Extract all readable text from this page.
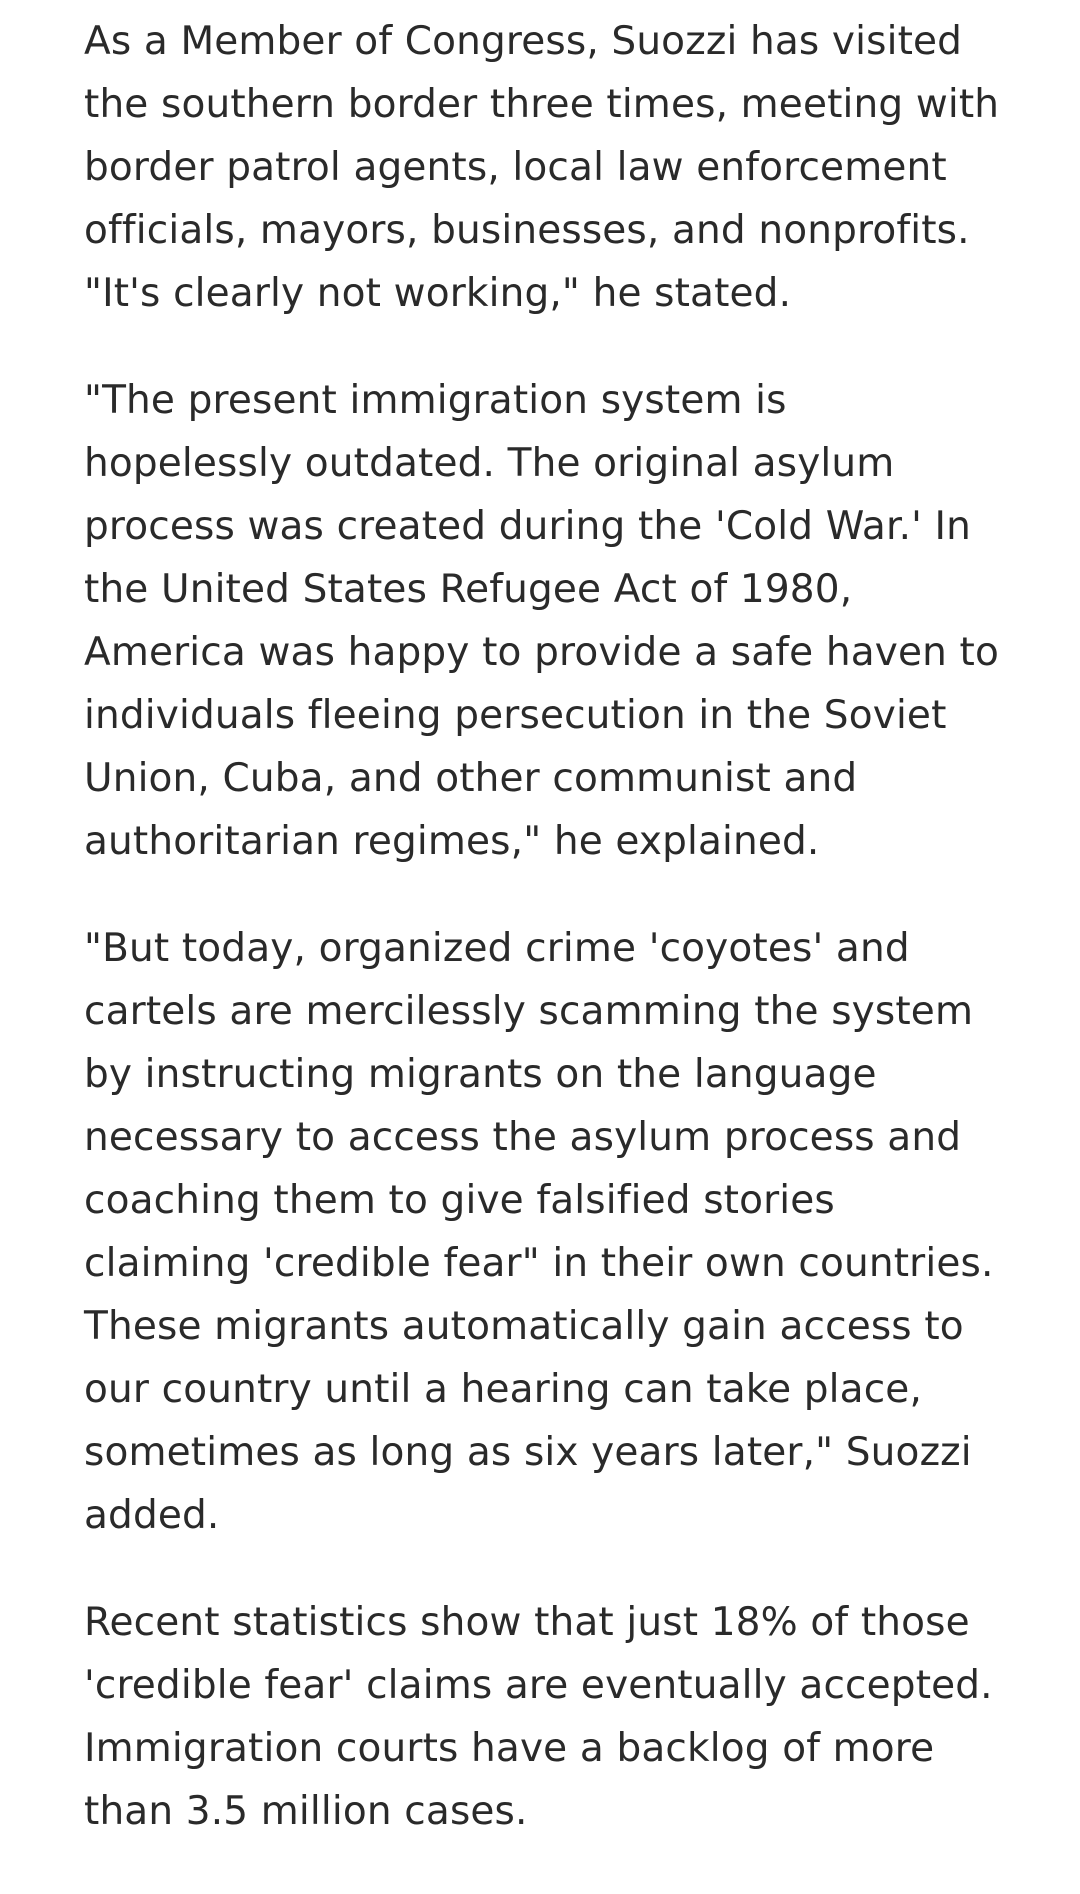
As a Member of Congress, Suozzi has visited
the southern border three times, meeting with
border patrol agents, local law enforcement
officials, mayors, businesses, and nonprofits.
"It's clearly not working," he stated.

"The present immigration system is
hopelessly outdated. The original asylum
process was created during the 'Cold War.' In
the United States Refugee Act of 1980,
America was happy to provide a safe haven to
individuals fleeing persecution in the Soviet
Union, Cuba, and other communist and
authoritarian regimes," he explained.

"But today, organized crime 'coyotes' and
cartels are mercilessly scamming the system
by instructing migrants on the language
necessary to access the asylum process and
coaching them to give falsified stories
claiming 'credible fear" in their own countries.
These migrants automatically gain access to
our country until a hearing can take place,
sometimes as long as six years later," Suozzi
added.

Recent statistics show that just 18% of those
'credible fear' claims are eventually accepted.
Immigration courts have a backlog of more
than 3.5 million cases.
